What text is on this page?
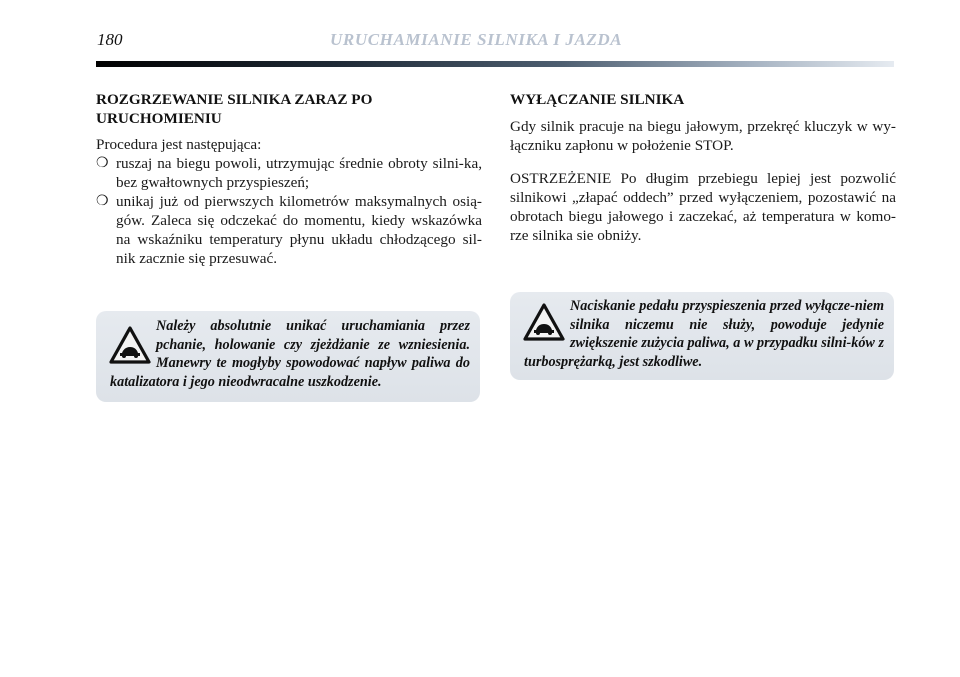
180	URUCHAMIANIE SILNIKA I JAZDA
ROZGRZEWANIE SILNIKA ZARAZ PO URUCHOMIENIU

Procedura jest następująca:

❍ ruszaj na biegu powoli, utrzymując średnie obroty silni-ka, bez gwałtownych przyspieszeń;
❍ unikaj już od pierwszych kilometrów maksymalnych osią-gów. Zaleca się odczekać do momentu, kiedy wskazówka na wskaźniku temperatury płynu układu chłodzącego sil-nik zacznie się przesuwać.
Należy absolutnie unikać uruchamiania przez pchanie, holowanie czy zjeżdżanie ze wzniesienia. Manewry te mogłyby spowodować napływ paliwa do katalizatora i jego nieodwracalne uszkodzenie.
WYŁĄCZANIE SILNIKA

Gdy silnik pracuje na biegu jałowym, przekręć kluczyk w wy-łączniku zapłonu w położenie STOP.

OSTRZEŻENIE Po długim przebiegu lepiej jest pozwolić silnikowi „złapać oddech” przed wyłączeniem, pozostawić na obrotach biegu jałowego i zaczekać, aż temperatura w komo-rze silnika sie obniży.

Naciskanie pedału przyspieszenia przed wyłącze-niem silnika niczemu nie służy, powoduje jedynie zwiększenie zużycia paliwa, a w przypadku silni-ków z turbosprężarką, jest szkodliwe.
